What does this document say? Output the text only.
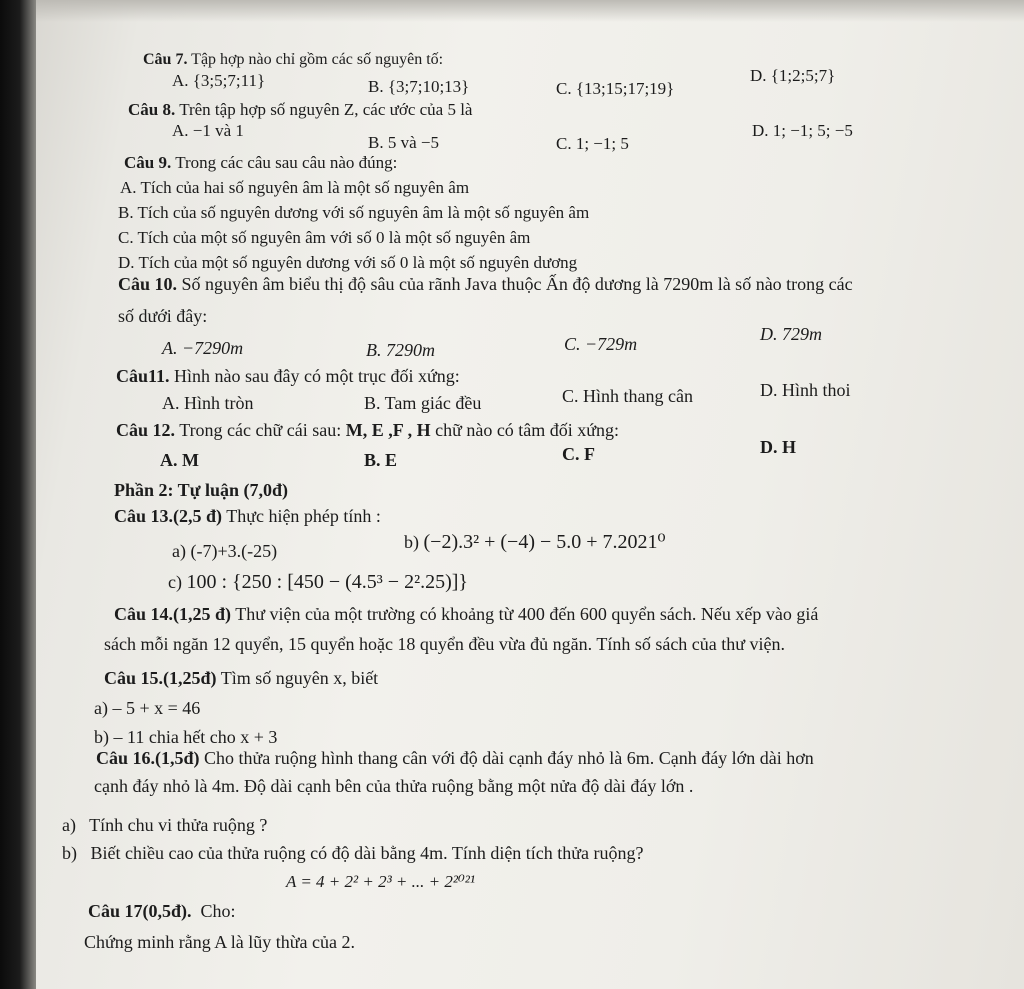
Câu 7. Tập hợp nào chỉ gồm các số nguyên tố:
A. {3;5;7;11}	B. {3;7;10;13}	C. {13;15;17;19}
D. {1;2;5;7}
Câu 8. Trên tập hợp số nguyên Z, các ước của 5 là
A. −1 và 1
B. 5 và −5	C. 1; −1; 5
D. 1; −1; 5; −5
Câu 9. Trong các câu sau câu nào đúng:
A. Tích của hai số nguyên âm là một số nguyên âm
B. Tích của số nguyên dương với số nguyên âm là một số nguyên âm
C. Tích của một số nguyên âm với số 0 là một số nguyên âm
D. Tích của một số nguyên dương với số 0 là một số nguyên dương
Câu 10. Số nguyên âm biểu thị độ sâu của rãnh Java thuộc Ấn độ dương là 7290m là số nào trong các
số dưới đây:
A. −7290m	B. 7290m	C. −729m	D. 729m
Câu11. Hình nào sau đây có một trục đối xứng:
A. Hình tròn	B. Tam giác đều	C. Hình thang cân	D. Hình thoi
Câu 12. Trong các chữ cái sau: M, E ,F , H chữ nào có tâm đối xứng:
A. M	B. E	C. F	D. H
Phần 2: Tự luận (7,0đ)
Câu 13.(2,5 đ) Thực hiện phép tính :
a) (-7)+3.(-25)	b) (−2).3² + (−4) − 5.0 + 7.2021⁰
c) 100 : {250 : [450 − (4.5³ − 2².25)]}
Câu 14.(1,25 đ) Thư viện của một trường có khoảng từ 400 đến 600 quyển sách. Nếu xếp vào giá
sách mỗi ngăn 12 quyển, 15 quyển hoặc 18 quyển đều vừa đủ ngăn. Tính số sách của thư viện.
Câu 15.(1,25đ) Tìm số nguyên x, biết
a) – 5 + x = 46
b) – 11 chia hết cho x + 3
Câu 16.(1,5đ) Cho thửa ruộng hình thang cân với độ dài cạnh đáy nhỏ là 6m. Cạnh đáy lớn dài hơn
cạnh đáy nhỏ là 4m. Độ dài cạnh bên của thửa ruộng bằng một nửa độ dài đáy lớn .
a) Tính chu vi thửa ruộng ?
b) Biết chiều cao của thửa ruộng có độ dài bằng 4m. Tính diện tích thửa ruộng?
A = 4 + 2² + 2³ + ... + 2²⁰²¹
Câu 17(0,5đ). Cho:
Chứng minh rằng A là lũy thừa của 2.
